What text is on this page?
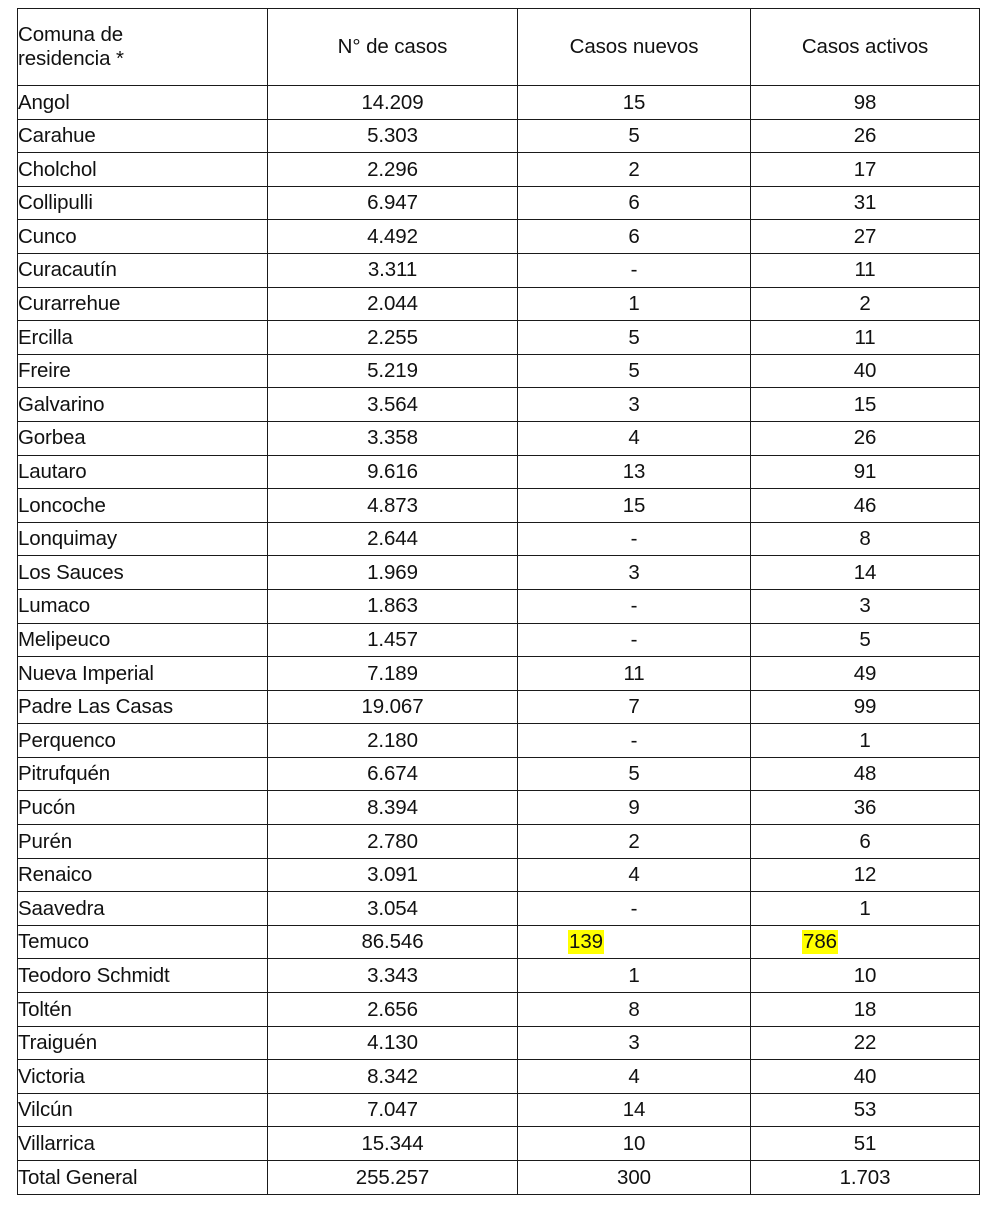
Comuna de
residencia *	N° de casos	Casos nuevos	Casos activos
Angol	14.209	15	98
Carahue	5.303	5	26
Cholchol	2.296	2	17
Collipulli	6.947	6	31
Cunco	4.492	6	27
Curacautín	3.311	-	11
Curarrehue	2.044	1	2
Ercilla	2.255	5	11
Freire	5.219	5	40
Galvarino	3.564	3	15
Gorbea	3.358	4	26
Lautaro	9.616	13	91
Loncoche	4.873	15	46
Lonquimay	2.644	-	8
Los Sauces	1.969	3	14
Lumaco	1.863	-	3
Melipeuco	1.457	-	5
Nueva Imperial	7.189	11	49
Padre Las Casas	19.067	7	99
Perquenco	2.180	-	1
Pitrufquén	6.674	5	48
Pucón	8.394	9	36
Purén	2.780	2	6
Renaico	3.091	4	12
Saavedra	3.054	-	1
Temuco	86.546	139	786
Teodoro Schmidt	3.343	1	10
Toltén	2.656	8	18
Traiguén	4.130	3	22
Victoria	8.342	4	40
Vilcún	7.047	14	53
Villarrica	15.344	10	51
Total General	255.257	300	1.703
